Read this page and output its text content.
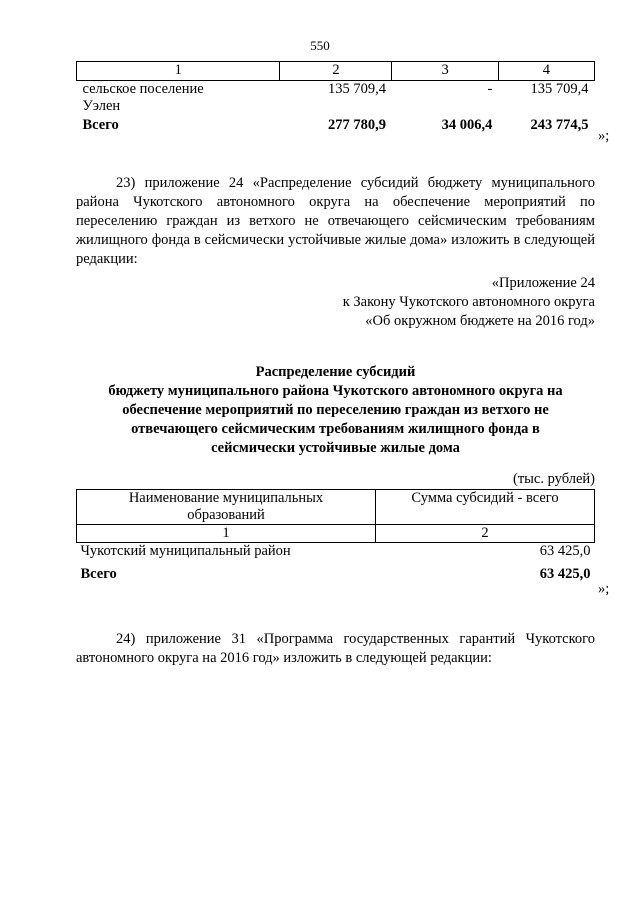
550
1	2	3	4

сельское поселение
Уэлен	135 709,4	-	135 709,4
Всего	277 780,9	34 006,4	243 774,5
»;
23) приложение 24 «Распределение субсидий бюджету муниципального района Чукотского автономного округа на обеспечение мероприятий по переселению граждан из ветхого не отвечающего сейсмическим требованиям жилищного фонда в сейсмически устойчивые жилые дома» изложить в следующей редакции:
«Приложение 24
к Закону Чукотского автономного округа
«Об окружном бюджете на 2016 год»
Распределение субсидий
бюджету муниципального района Чукотского автономного округа на
обеспечение мероприятий по переселению граждан из ветхого не
отвечающего сейсмическим требованиям жилищного фонда в
сейсмически устойчивые жилые дома
(тыс. рублей)
Наименование муниципальных
образований	Сумма субсидий - всего
1	2
Чукотский муниципальный район	63 425,0
Всего	63 425,0
»;
24) приложение 31 «Программа государственных гарантий Чукотского автономного округа на 2016 год» изложить в следующей редакции:
